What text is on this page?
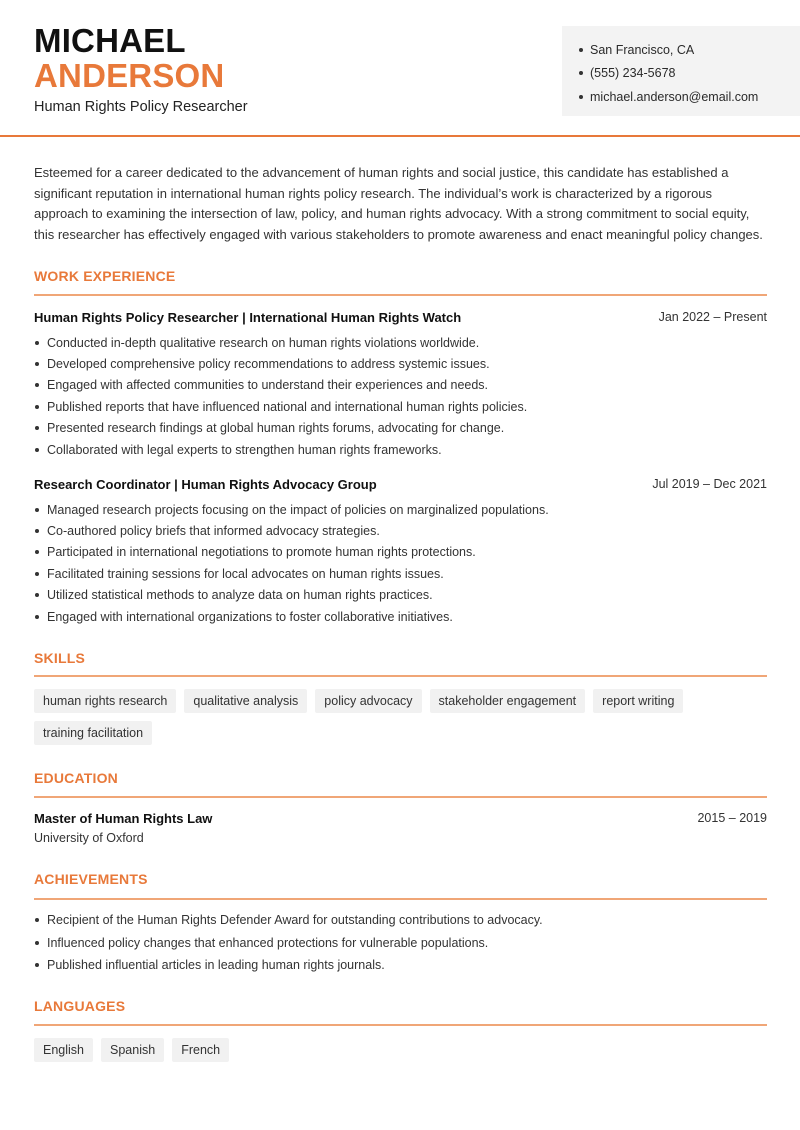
MICHAEL
ANDERSON
Human Rights Policy Researcher
San Francisco, CA
(555) 234-5678
michael.anderson@email.com

Esteemed for a career dedicated to the advancement of human rights and social justice, this candidate has established a significant reputation in international human rights policy research. The individual’s work is characterized by a rigorous approach to examining the intersection of law, policy, and human rights advocacy. With a strong commitment to social equity, this researcher has effectively engaged with various stakeholders to promote awareness and enact meaningful policy changes.

WORK EXPERIENCE
Human Rights Policy Researcher | International Human Rights Watch	Jan 2022 – Present
Conducted in-depth qualitative research on human rights violations worldwide.
Developed comprehensive policy recommendations to address systemic issues.
Engaged with affected communities to understand their experiences and needs.
Published reports that have influenced national and international human rights policies.
Presented research findings at global human rights forums, advocating for change.
Collaborated with legal experts to strengthen human rights frameworks.
Research Coordinator | Human Rights Advocacy Group	Jul 2019 – Dec 2021
Managed research projects focusing on the impact of policies on marginalized populations.
Co-authored policy briefs that informed advocacy strategies.
Participated in international negotiations to promote human rights protections.
Facilitated training sessions for local advocates on human rights issues.
Utilized statistical methods to analyze data on human rights practices.
Engaged with international organizations to foster collaborative initiatives.
SKILLS
human rights research	qualitative analysis	policy advocacy	stakeholder engagement	report writing
training facilitation
EDUCATION
Master of Human Rights Law	2015 – 2019
University of Oxford
ACHIEVEMENTS
Recipient of the Human Rights Defender Award for outstanding contributions to advocacy.
Influenced policy changes that enhanced protections for vulnerable populations.
Published influential articles in leading human rights journals.
LANGUAGES
English	Spanish	French
